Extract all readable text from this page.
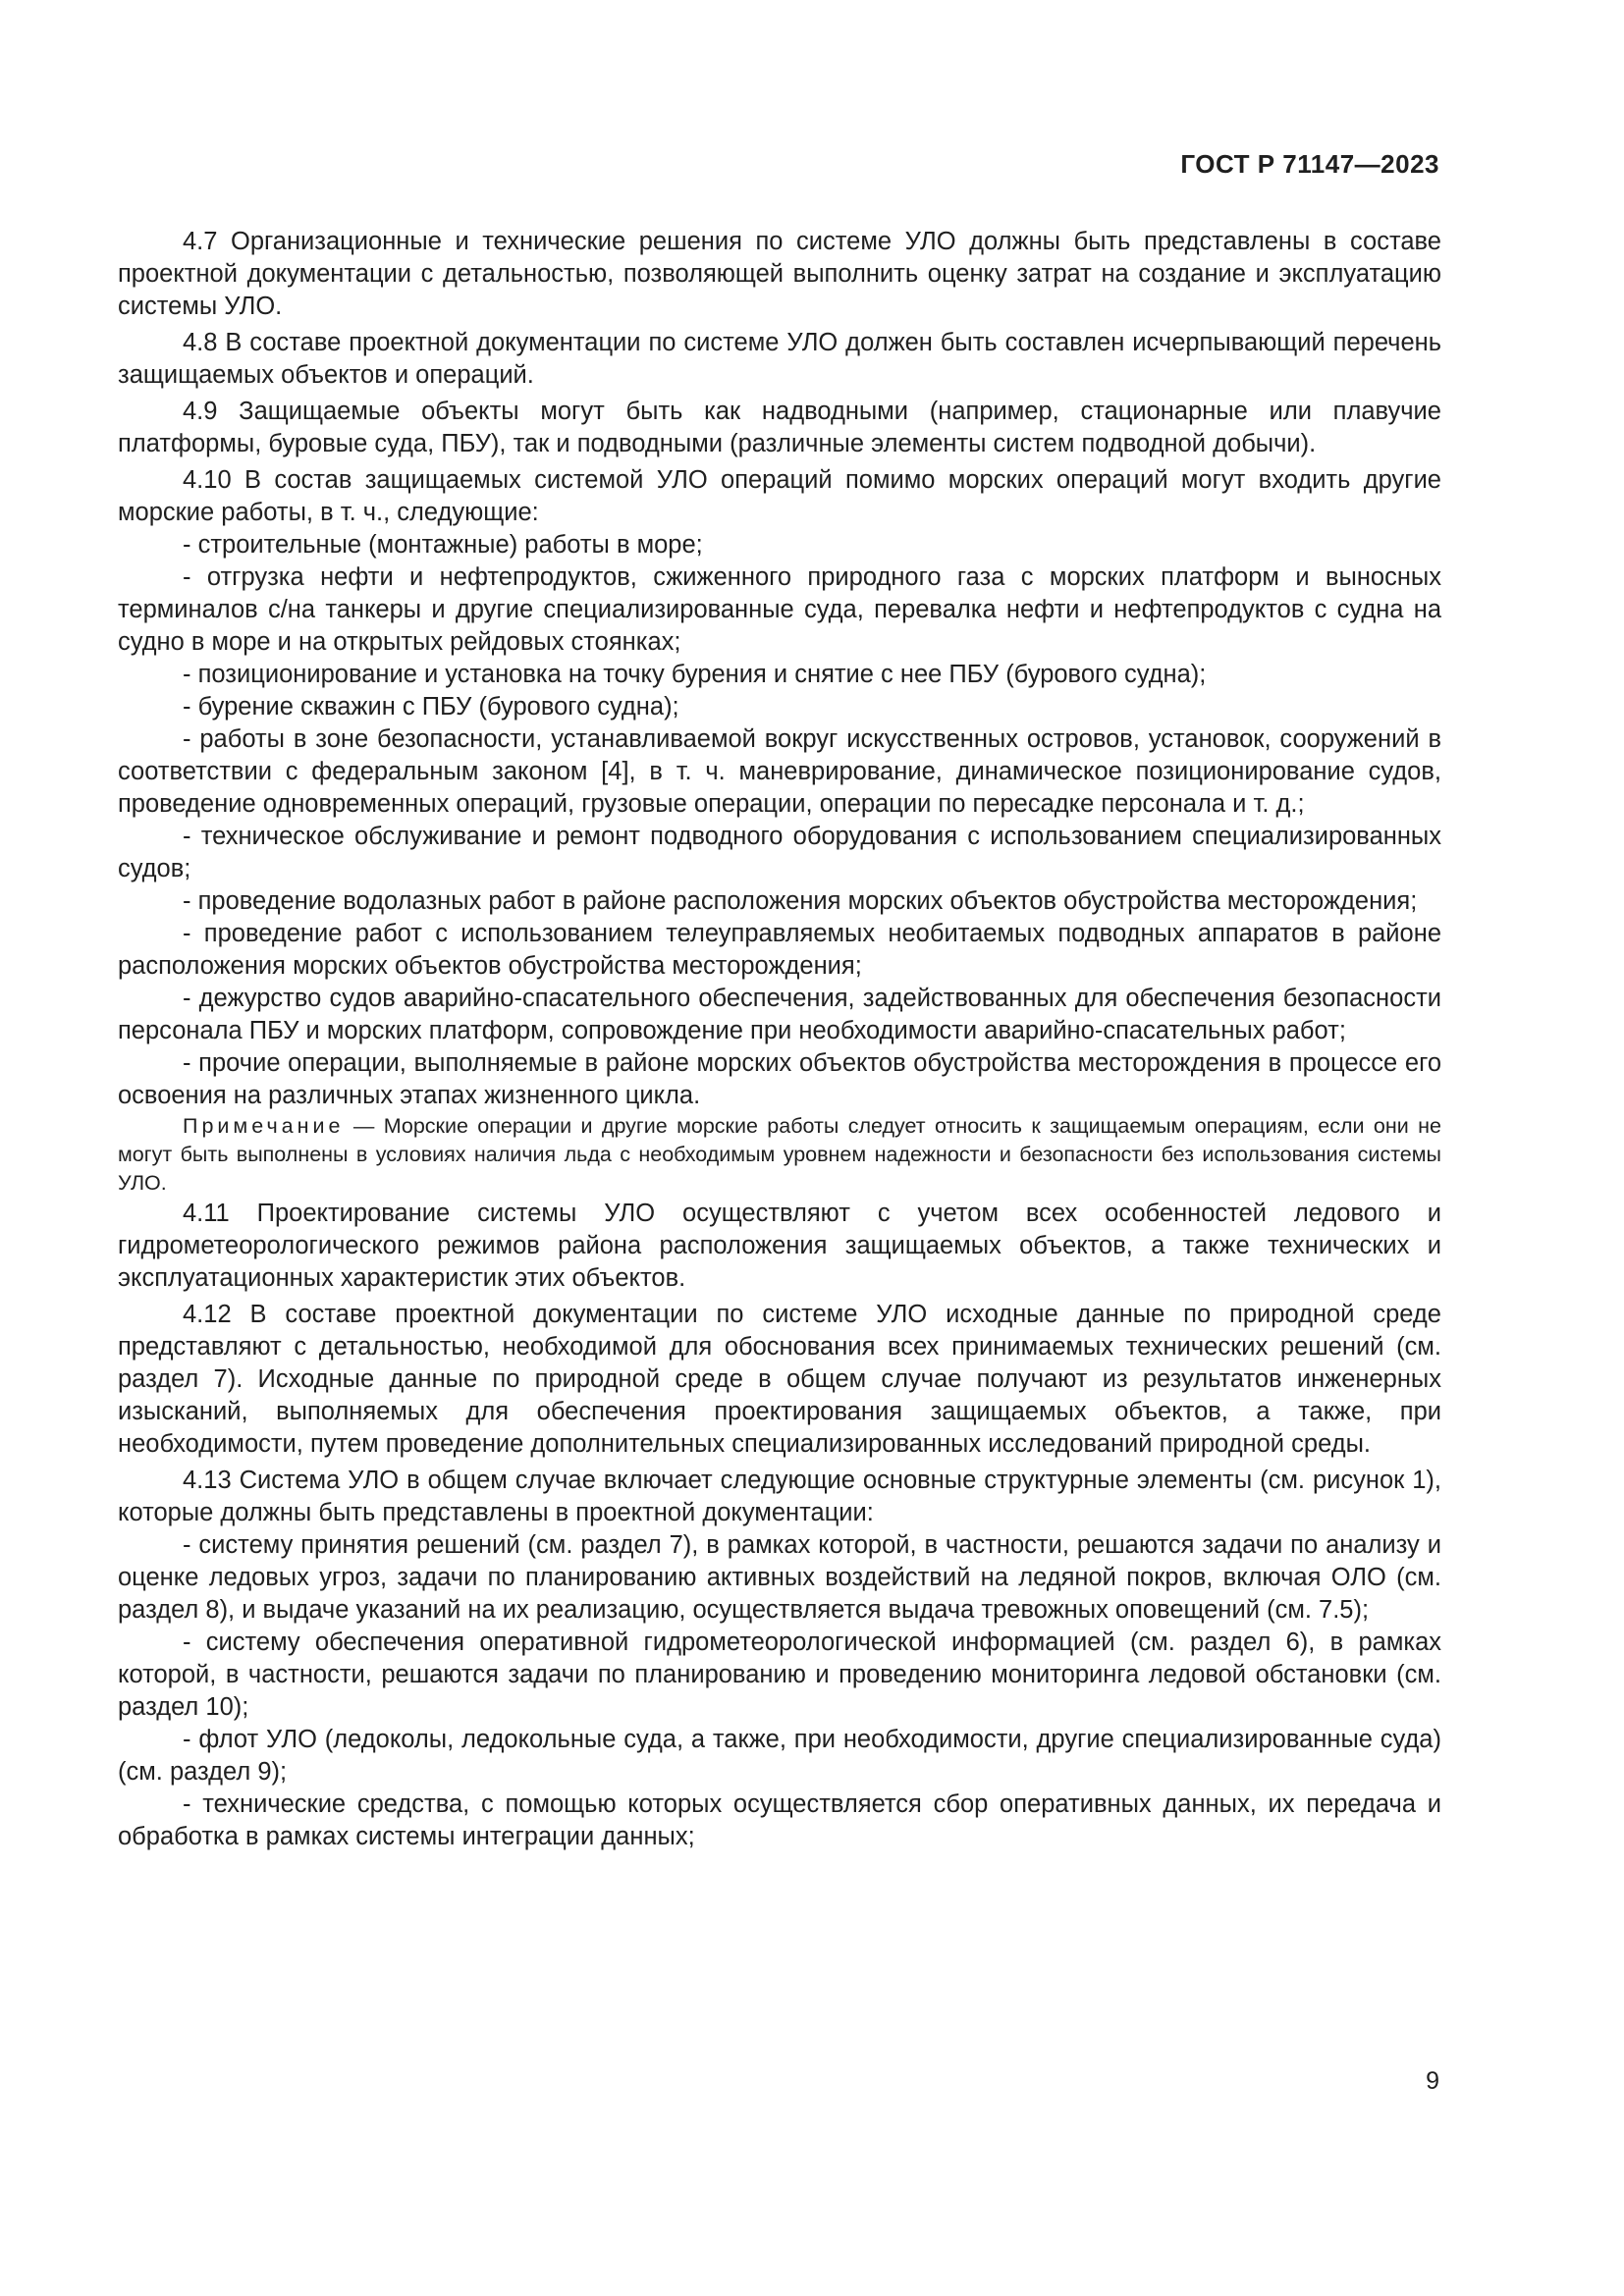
ГОСТ Р 71147—2023

4.7 Организационные и технические решения по системе УЛО должны быть представлены в составе проектной документации с детальностью, позволяющей выполнить оценку затрат на создание и эксплуатацию системы УЛО.

4.8 В составе проектной документации по системе УЛО должен быть составлен исчерпывающий перечень защищаемых объектов и операций.

4.9 Защищаемые объекты могут быть как надводными (например, стационарные или плавучие платформы, буровые суда, ПБУ), так и подводными (различные элементы систем подводной добычи).

4.10 В состав защищаемых системой УЛО операций помимо морских операций могут входить другие морские работы, в т. ч., следующие:

- строительные (монтажные) работы в море;

- отгрузка нефти и нефтепродуктов, сжиженного природного газа с морских платформ и выносных терминалов с/на танкеры и другие специализированные суда, перевалка нефти и нефтепродуктов с судна на судно в море и на открытых рейдовых стоянках;

- позиционирование и установка на точку бурения и снятие с нее ПБУ (бурового судна);

- бурение скважин с ПБУ (бурового судна);

- работы в зоне безопасности, устанавливаемой вокруг искусственных островов, установок, сооружений в соответствии с федеральным законом [4], в т. ч. маневрирование, динамическое позиционирование судов, проведение одновременных операций, грузовые операции, операции по пересадке персонала и т. д.;

- техническое обслуживание и ремонт подводного оборудования с использованием специализированных судов;

- проведение водолазных работ в районе расположения морских объектов обустройства месторождения;

- проведение работ с использованием телеуправляемых необитаемых подводных аппаратов в районе расположения морских объектов обустройства месторождения;

- дежурство судов аварийно-спасательного обеспечения, задействованных для обеспечения безопасности персонала ПБУ и морских платформ, сопровождение при необходимости аварийно-спасательных работ;

- прочие операции, выполняемые в районе морских объектов обустройства месторождения в процессе его освоения на различных этапах жизненного цикла.

Примечание — Морские операции и другие морские работы следует относить к защищаемым операциям, если они не могут быть выполнены в условиях наличия льда с необходимым уровнем надежности и безопасности без использования системы УЛО.

4.11 Проектирование системы УЛО осуществляют с учетом всех особенностей ледового и гидрометеорологического режимов района расположения защищаемых объектов, а также технических и эксплуатационных характеристик этих объектов.

4.12 В составе проектной документации по системе УЛО исходные данные по природной среде представляют с детальностью, необходимой для обоснования всех принимаемых технических решений (см. раздел 7). Исходные данные по природной среде в общем случае получают из результатов инженерных изысканий, выполняемых для обеспечения проектирования защищаемых объектов, а также, при необходимости, путем проведение дополнительных специализированных исследований природной среды.

4.13 Система УЛО в общем случае включает следующие основные структурные элементы (см. рисунок 1), которые должны быть представлены в проектной документации:

- систему принятия решений (см. раздел 7), в рамках которой, в частности, решаются задачи по анализу и оценке ледовых угроз, задачи по планированию активных воздействий на ледяной покров, включая ОЛО (см. раздел 8), и выдаче указаний на их реализацию, осуществляется выдача тревожных оповещений (см. 7.5);

- систему обеспечения оперативной гидрометеорологической информацией (см. раздел 6), в рамках которой, в частности, решаются задачи по планированию и проведению мониторинга ледовой обстановки (см. раздел 10);

- флот УЛО (ледоколы, ледокольные суда, а также, при необходимости, другие специализированные суда) (см. раздел 9);

- технические средства, с помощью которых осуществляется сбор оперативных данных, их передача и обработка в рамках системы интеграции данных;

9
